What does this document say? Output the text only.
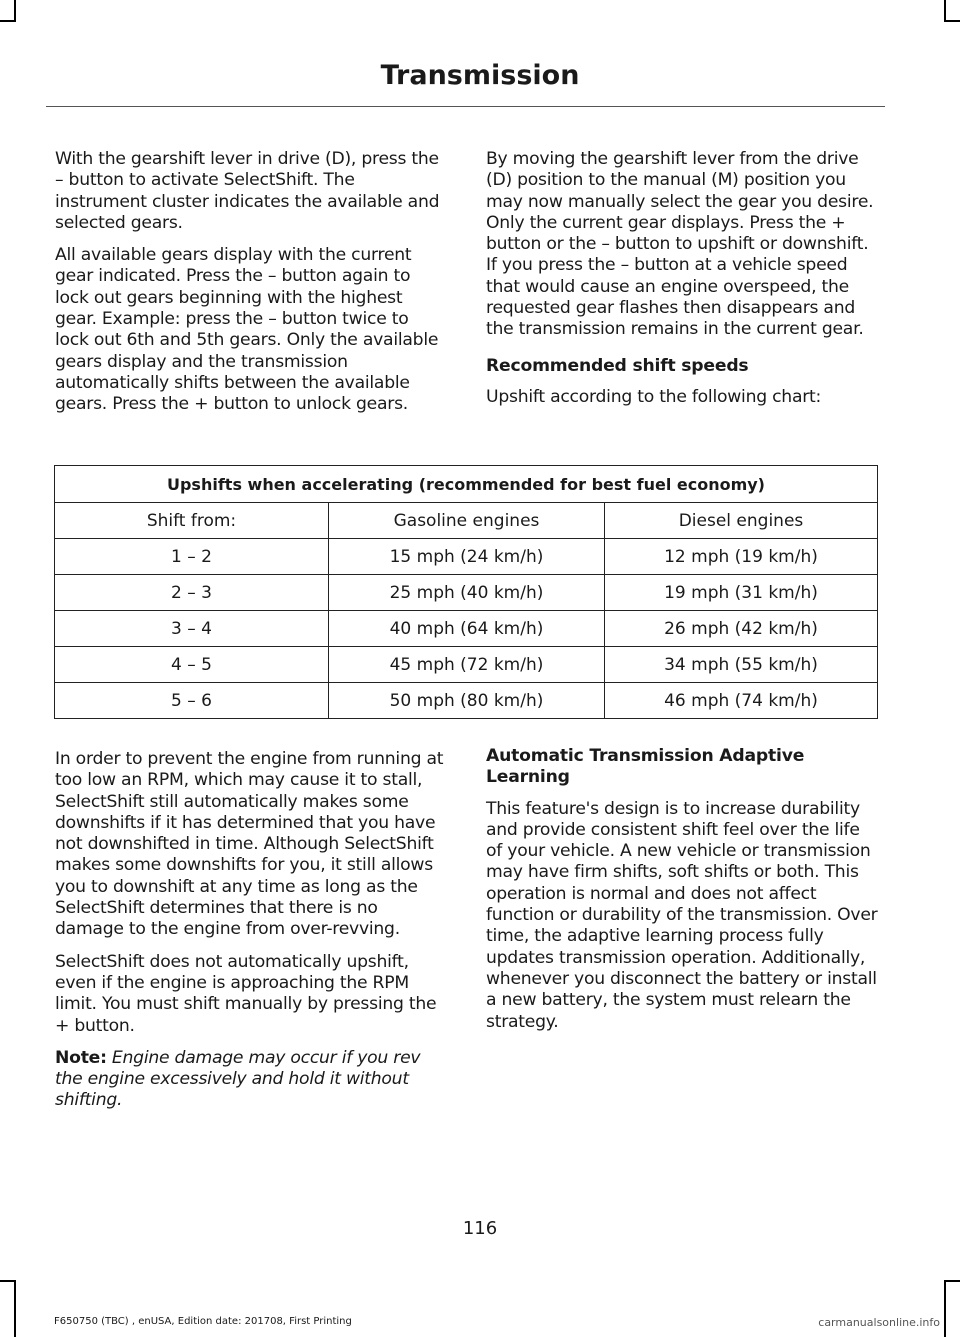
Transmission

With the gearshift lever in drive (D), press the – button to activate SelectShift. The instrument cluster indicates the available and selected gears.

All available gears display with the current gear indicated. Press the – button again to lock out gears beginning with the highest gear. Example: press the – button twice to lock out 6th and 5th gears. Only the available gears display and the transmission automatically shifts between the available gears. Press the + button to unlock gears.

By moving the gearshift lever from the drive (D) position to the manual (M) position you may now manually select the gear you desire. Only the current gear displays. Press the + button or the – button to upshift or downshift. If you press the – button at a vehicle speed that would cause an engine overspeed, the requested gear flashes then disappears and the transmission remains in the current gear.

Recommended shift speeds

Upshift according to the following chart:

Upshifts when accelerating (recommended for best fuel economy)		
Shift from:	Gasoline engines	Diesel engines
1 – 2	15 mph (24 km/h)	12 mph (19 km/h)
2 – 3	25 mph (40 km/h)	19 mph (31 km/h)
3 – 4	40 mph (64 km/h)	26 mph (42 km/h)
4 – 5	45 mph (72 km/h)	34 mph (55 km/h)
5 – 6	50 mph (80 km/h)	46 mph (74 km/h)

In order to prevent the engine from running at too low an RPM, which may cause it to stall, SelectShift still automatically makes some downshifts if it has determined that you have not downshifted in time. Although SelectShift makes some downshifts for you, it still allows you to downshift at any time as long as the SelectShift determines that there is no damage to the engine from over-revving.

SelectShift does not automatically upshift, even if the engine is approaching the RPM limit. You must shift manually by pressing the + button.

Note: Engine damage may occur if you rev the engine excessively and hold it without shifting.

Automatic Transmission Adaptive Learning

This feature's design is to increase durability and provide consistent shift feel over the life of your vehicle. A new vehicle or transmission may have firm shifts, soft shifts or both. This operation is normal and does not affect function or durability of the transmission. Over time, the adaptive learning process fully updates transmission operation. Additionally, whenever you disconnect the battery or install a new battery, the system must relearn the strategy.

116
F650750 (TBC) , enUSA, Edition date: 201708, First Printing	carmanualsonline.info
